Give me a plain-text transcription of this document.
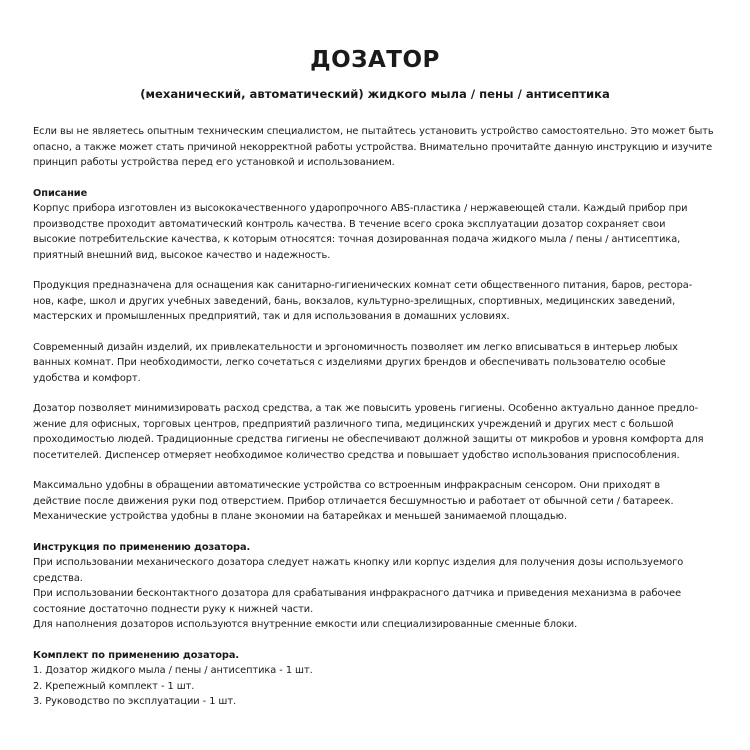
ДОЗАТОР
(механический, автоматический) жидкого мыла / пены / антисептика
Если вы не являетесь опытным техническим специалистом, не пытайтесь установить устройство самостоятельно. Это может быть
опасно, а также может стать причиной некорректной работы устройства. Внимательно прочитайте данную инструкцию и изучите
принцип работы устройства перед его установкой и использованием.
Описание
Корпус прибора изготовлен из высококачественного ударопрочного ABS-пластика / нержавеющей стали. Каждый прибор при
производстве проходит автоматический контроль качества. В течение всего срока эксплуатации дозатор сохраняет свои
высокие потребительские качества, к которым относятся: точная дозированная подача жидкого мыла / пены / антисептика,
приятный внешний вид, высокое качество и надежность.
Продукция предназначена для оснащения как санитарно-гигиенических комнат сети общественного питания, баров, ресторa-
нов, кафе, школ и других учебных заведений, бань, вокзалов, культурно-зрелищных, спортивных, медицинских заведений,
мастерских и промышленных предприятий, так и для использования в домашних условиях.
Современный дизайн изделий, их привлекательности и эргономичность позволяет им легко вписываться в интерьер любых
ванных комнат. При необходимости, легко сочетаться с изделиями других брендов и обеспечивать пользователю особые
удобства и комфорт.
Дозатор позволяет минимизировать расход средства, а так же повысить уровень гигиены. Особенно актуально данное предло-
жение для офисных, торговых центров, предприятий различного типа, медицинских учреждений и других мест с большой
проходимостью людей. Традиционные средства гигиены не обеспечивают должной защиты от микробов и уровня комфорта для
посетителей. Диспенсер отмеряет необходимое количество средства и повышает удобство использования приспособления.
Максимально удобны в обращении автоматические устройства со встроенным инфракрасным сенсором. Они приходят в
действие после движения руки под отверстием. Прибор отличается бесшумностью и работает от обычной сети / батареек.
Механические устройства удобны в плане экономии на батарейках и меньшей занимаемой площадью.
Инструкция по применению дозатора.
При использовании механического дозатора следует нажать кнопку или корпус изделия для получения дозы используемого
средства.
При использовании бесконтактного дозатора для срабатывания инфракрасного датчика и приведения механизма в рабочее
состояние достаточно поднести руку к нижней части.
Для наполнения дозаторов используются внутренние емкости или специализированные сменные блоки.
Комплект по применению дозатора.
1. Дозатор жидкого мыла / пены / антисептика - 1 шт.
2. Крепежный комплект - 1 шт.
3. Руководство по эксплуатации - 1 шт.
